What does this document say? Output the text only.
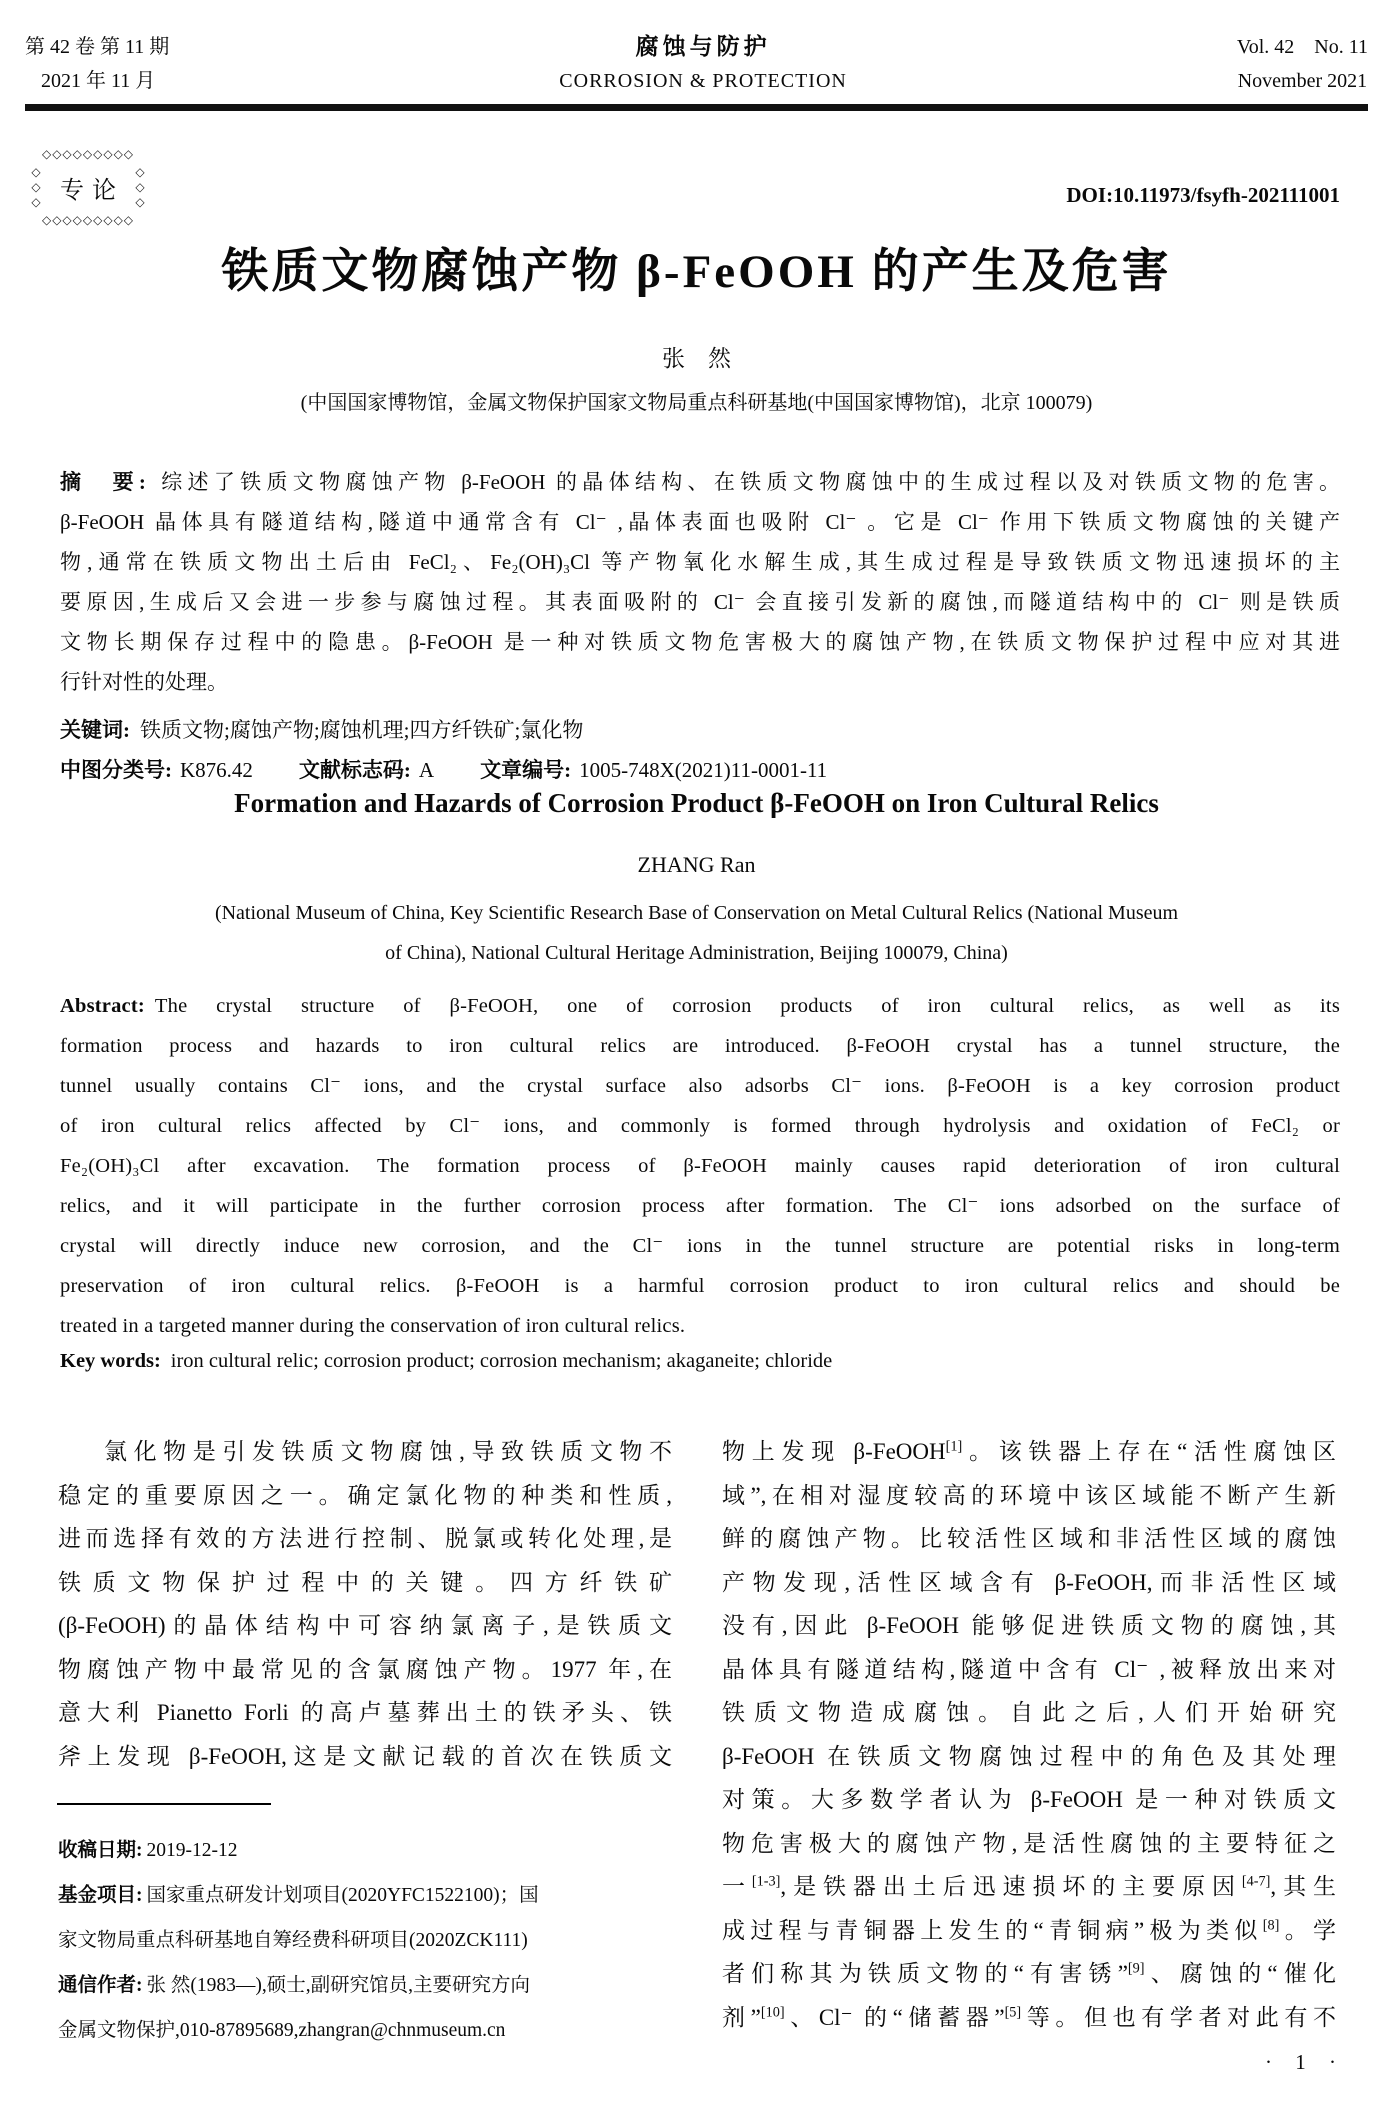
第 42 卷 第 11 期
2021 年 11 月
腐蚀与防护
CORROSION & PROTECTION
Vol. 42　No. 11
November 2021
◇◇◇◇◇◇◇◇◇
◇◇◇◇◇◇◇◇◇
◇◇◇	◇◇◇
专论	DOI:10.11973/fsyfh-202111001
铁质文物腐蚀产物 β-FeOOH 的产生及危害
张　然
(中国国家博物馆，金属文物保护国家文物局重点科研基地(中国国家博物馆)，北京 100079)
摘　要: 综述了铁质文物腐蚀产物 β-FeOOH 的晶体结构、在铁质文物腐蚀中的生成过程以及对铁质文物的危害。
β-FeOOH 晶体具有隧道结构,隧道中通常含有 Cl⁻ ,晶体表面也吸附 Cl⁻ 。它是 Cl⁻ 作用下铁质文物腐蚀的关键产
物,通常在铁质文物出土后由 FeCl₂、Fe₂(OH)₃Cl 等产物氧化水解生成,其生成过程是导致铁质文物迅速损坏的主
要原因,生成后又会进一步参与腐蚀过程。其表面吸附的 Cl⁻ 会直接引发新的腐蚀,而隧道结构中的 Cl⁻ 则是铁质
文物长期保存过程中的隐患。β-FeOOH 是一种对铁质文物危害极大的腐蚀产物,在铁质文物保护过程中应对其进
行针对性的处理。
关键词: 铁质文物;腐蚀产物;腐蚀机理;四方纤铁矿;氯化物
中图分类号: K876.42 文献标志码: A 文章编号: 1005-748X(2021)11-0001-11
Formation and Hazards of Corrosion Product β-FeOOH on Iron Cultural Relics
ZHANG Ran
(National Museum of China, Key Scientific Research Base of Conservation on Metal Cultural Relics (National Museum
of China), National Cultural Heritage Administration, Beijing 100079, China)
Abstract: The crystal structure of β-FeOOH, one of corrosion products of iron cultural relics, as well as its
formation process and hazards to iron cultural relics are introduced. β-FeOOH crystal has a tunnel structure, the
tunnel usually contains Cl⁻ ions, and the crystal surface also adsorbs Cl⁻ ions. β-FeOOH is a key corrosion product
of iron cultural relics affected by Cl⁻ ions, and commonly is formed through hydrolysis and oxidation of FeCl₂ or
Fe₂(OH)₃Cl after excavation. The formation process of β-FeOOH mainly causes rapid deterioration of iron cultural
relics, and it will participate in the further corrosion process after formation. The Cl⁻ ions adsorbed on the surface of
crystal will directly induce new corrosion, and the Cl⁻ ions in the tunnel structure are potential risks in long-term
preservation of iron cultural relics. β-FeOOH is a harmful corrosion product to iron cultural relics and should be
treated in a targeted manner during the conservation of iron cultural relics.
Key words: iron cultural relic; corrosion product; corrosion mechanism; akaganeite; chloride
氯化物是引发铁质文物腐蚀,导致铁质文物不
稳定的重要原因之一。确定氯化物的种类和性质,
进而选择有效的方法进行控制、脱氯或转化处理,是
铁质文物保护过程中的关键。四方纤铁矿
(β-FeOOH)的晶体结构中可容纳氯离子,是铁质文
物腐蚀产物中最常见的含氯腐蚀产物。1977 年,在
意大利 Pianetto Forli 的高卢墓葬出土的铁矛头、铁
斧上发现 β-FeOOH,这是文献记载的首次在铁质文
物上发现 β-FeOOH[1]。该铁器上存在“活性腐蚀区
域”,在相对湿度较高的环境中该区域能不断产生新
鲜的腐蚀产物。比较活性区域和非活性区域的腐蚀
产物发现,活性区域含有 β-FeOOH,而非活性区域
没有,因此 β-FeOOH 能够促进铁质文物的腐蚀,其
晶体具有隧道结构,隧道中含有 Cl⁻ ,被释放出来对
铁质文物造成腐蚀。自此之后,人们开始研究
β-FeOOH 在铁质文物腐蚀过程中的角色及其处理
对策。大多数学者认为 β-FeOOH 是一种对铁质文
物危害极大的腐蚀产物,是活性腐蚀的主要特征之
一[1-3],是铁器出土后迅速损坏的主要原因[4-7],其生
成过程与青铜器上发生的“青铜病”极为类似[8]。学
者们称其为铁质文物的“有害锈”[9]、腐蚀的“催化
剂”[10]、Cl⁻ 的“储蓄器”[5]等。但也有学者对此有不
收稿日期: 2019-12-12
基金项目: 国家重点研发计划项目(2020YFC1522100)；国
家文物局重点科研基地自筹经费科研项目(2020ZCK111)
通信作者: 张 然(1983—),硕士,副研究馆员,主要研究方向
金属文物保护,010-87895689,zhangran@chnmuseum.cn
· 1 ·
